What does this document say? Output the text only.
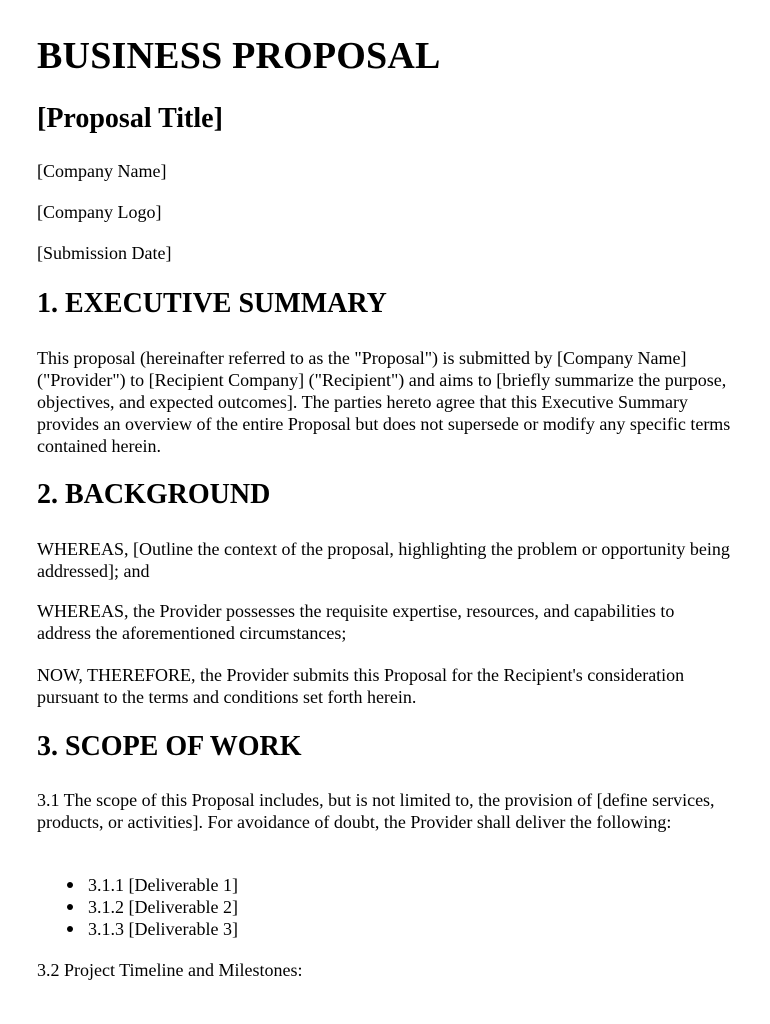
BUSINESS PROPOSAL
[Proposal Title]

[Company Name]

[Company Logo]

[Submission Date]

1. EXECUTIVE SUMMARY

This proposal (hereinafter referred to as the "Proposal") is submitted by [Company Name] ("Provider") to [Recipient Company] ("Recipient") and aims to [briefly summarize the purpose, objectives, and expected outcomes]. The parties hereto agree that this Executive Summary provides an overview of the entire Proposal but does not supersede or modify any specific terms contained herein.

2. BACKGROUND

WHEREAS, [Outline the context of the proposal, highlighting the problem or opportunity being addressed]; and

WHEREAS, the Provider possesses the requisite expertise, resources, and capabilities to address the aforementioned circumstances;

NOW, THEREFORE, the Provider submits this Proposal for the Recipient's consideration pursuant to the terms and conditions set forth herein.

3. SCOPE OF WORK

3.1 The scope of this Proposal includes, but is not limited to, the provision of [define services, products, or activities]. For avoidance of doubt, the Provider shall deliver the following:

3.1.1 [Deliverable 1]
3.1.2 [Deliverable 2]
3.1.3 [Deliverable 3]

3.2 Project Timeline and Milestones:
